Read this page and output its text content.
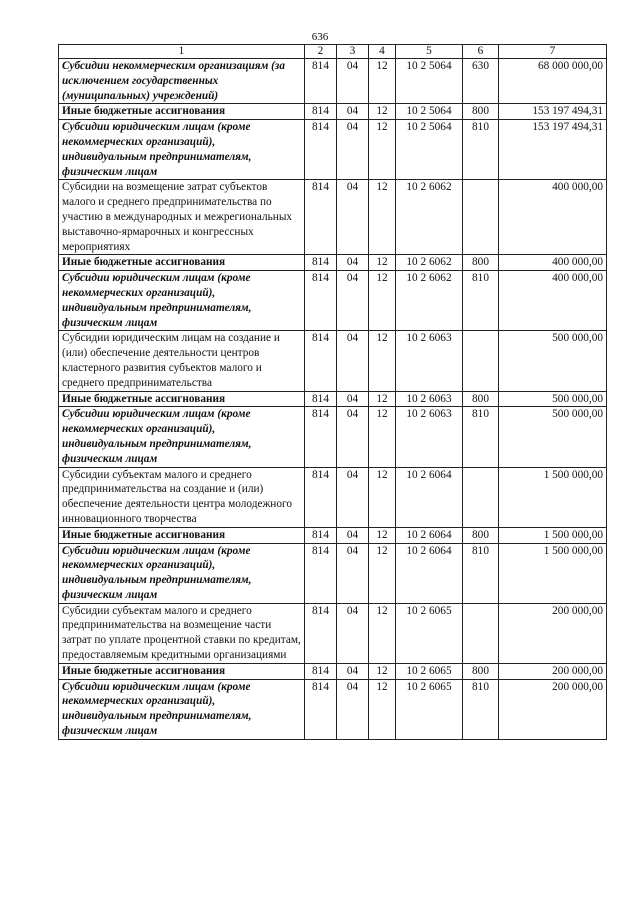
636
1	2	3	4	5	6	7
Субсидии некоммерческим организациям (за исключением государственных (муниципальных) учреждений)	814	04	12	10 2 5064	630	68 000 000,00
Иные бюджетные ассигнования	814	04	12	10 2 5064	800	153 197 494,31
Субсидии юридическим лицам (кроме некоммерческих организаций), индивидуальным предпринимателям, физическим лицам	814	04	12	10 2 5064	810	153 197 494,31
Субсидии на возмещение затрат субъектов малого и среднего предпринимательства по участию в международных и межрегиональных выставочно-ярмарочных и конгрессных мероприятиях	814	04	12	10 2 6062		400 000,00
Иные бюджетные ассигнования	814	04	12	10 2 6062	800	400 000,00
Субсидии юридическим лицам (кроме некоммерческих организаций), индивидуальным предпринимателям, физическим лицам	814	04	12	10 2 6062	810	400 000,00
Субсидии юридическим лицам на создание и (или) обеспечение деятельности центров кластерного развития субъектов малого и среднего предпринимательства	814	04	12	10 2 6063		500 000,00
Иные бюджетные ассигнования	814	04	12	10 2 6063	800	500 000,00
Субсидии юридическим лицам (кроме некоммерческих организаций), индивидуальным предпринимателям, физическим лицам	814	04	12	10 2 6063	810	500 000,00
Субсидии субъектам малого и среднего предпринимательства на создание и (или) обеспечение деятельности центра молодежного инновационного творчества	814	04	12	10 2 6064		1 500 000,00
Иные бюджетные ассигнования	814	04	12	10 2 6064	800	1 500 000,00
Субсидии юридическим лицам (кроме некоммерческих организаций), индивидуальным предпринимателям, физическим лицам	814	04	12	10 2 6064	810	1 500 000,00
Субсидии субъектам малого и среднего предпринимательства на возмещение части затрат по уплате процентной ставки по кредитам, предоставляемым кредитными организациями	814	04	12	10 2 6065		200 000,00
Иные бюджетные ассигнования	814	04	12	10 2 6065	800	200 000,00
Субсидии юридическим лицам (кроме некоммерческих организаций), индивидуальным предпринимателям, физическим лицам	814	04	12	10 2 6065	810	200 000,00
